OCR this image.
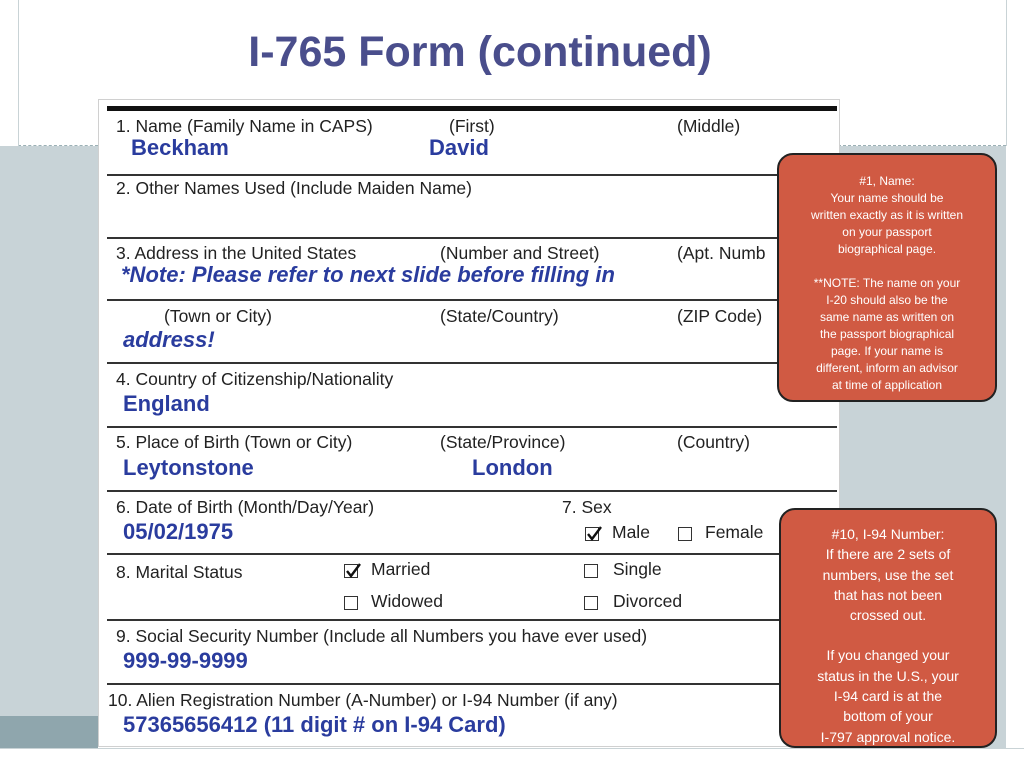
I-765 Form (continued)
1. Name (Family Name in CAPS)	(First)	(Middle)
Beckham	David
2. Other Names Used (Include Maiden Name)
3. Address in the United States	(Number and Street)	(Apt. Numb
*Note: Please refer to next slide before filling in
(Town or City)	(State/Country)	(ZIP Code)
address!
4. Country of Citizenship/Nationality
England
5. Place of Birth (Town or City)	(State/Province)	(Country)
Leytonstone	London
6. Date of Birth (Month/Day/Year)
05/02/1975
7. Sex
Male	Female
8. Marital Status	Married	Single
Widowed	Divorced
9. Social Security Number (Include all Numbers you have ever used)
999-99-9999
10. Alien Registration Number (A-Number) or I-94 Number (if any)
57365656412 (11 digit # on I-94 Card)

#1, Name:

Your name should be

written exactly as it is written

on your passport

biographical page.

**NOTE: The name on your

I-20 should also be the

same name as written on

the passport biographical

page. If your name is

different, inform an advisor

at time of application

#10, I-94 Number:

If there are 2 sets of

numbers, use the set

that has not been

crossed out.

If you changed your

status in the U.S., your

I-94 card is at the

bottom of your

I-797 approval notice.
